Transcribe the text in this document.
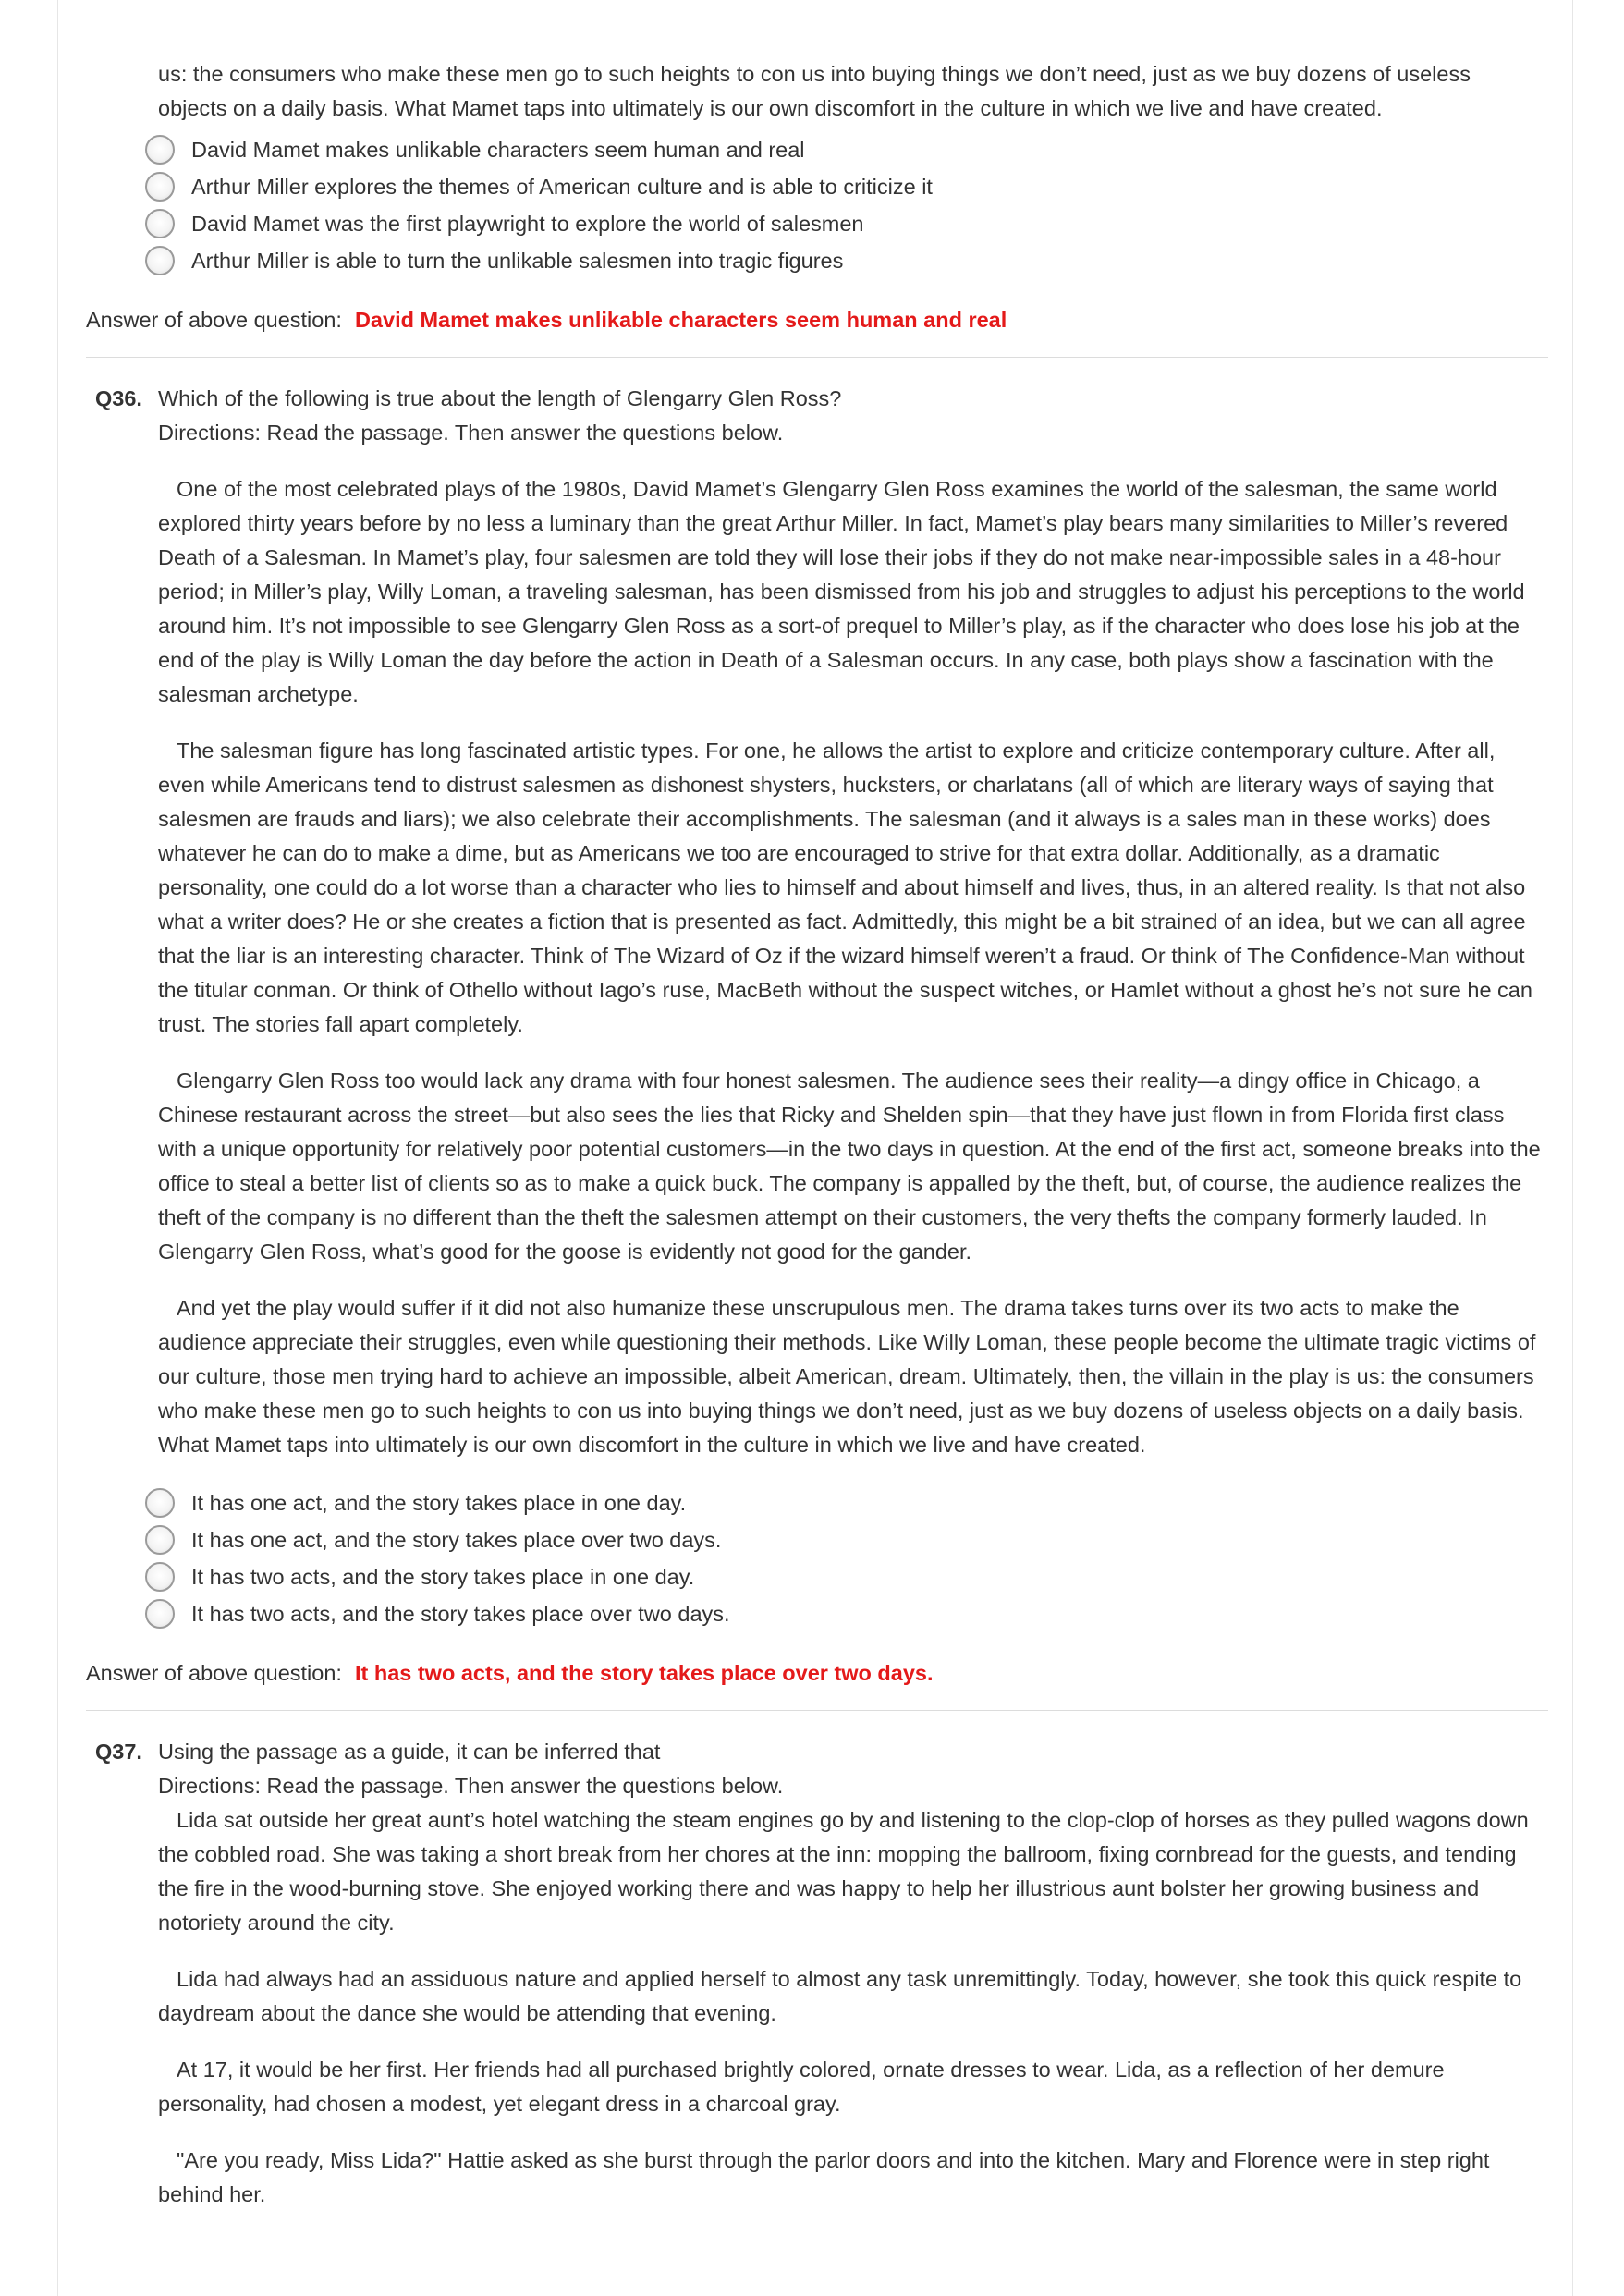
us: the consumers who make these men go to such heights to con us into buying things we don’t need, just as we buy dozens of useless objects on a daily basis. What Mamet taps into ultimately is our own discomfort in the culture in which we live and have created.

David Mamet makes unlikable characters seem human and real
Arthur Miller explores the themes of American culture and is able to criticize it
David Mamet was the first playwright to explore the world of salesmen
Arthur Miller is able to turn the unlikable salesmen into tragic figures
Answer of above question: David Mamet makes unlikable characters seem human and real
Q36. Which of the following is true about the length of Glengarry Glen Ross?
Directions: Read the passage. Then answer the questions below.

One of the most celebrated plays of the 1980s, David Mamet’s Glengarry Glen Ross examines the world of the salesman, the same world explored thirty years before by no less a luminary than the great Arthur Miller. In fact, Mamet’s play bears many similarities to Miller’s revered Death of a Salesman. In Mamet’s play, four salesmen are told they will lose their jobs if they do not make near-impossible sales in a 48-hour period; in Miller’s play, Willy Loman, a traveling salesman, has been dismissed from his job and struggles to adjust his perceptions to the world around him. It’s not impossible to see Glengarry Glen Ross as a sort-of prequel to Miller’s play, as if the character who does lose his job at the end of the play is Willy Loman the day before the action in Death of a Salesman occurs. In any case, both plays show a fascination with the salesman archetype.

The salesman figure has long fascinated artistic types. For one, he allows the artist to explore and criticize contemporary culture. After all, even while Americans tend to distrust salesmen as dishonest shysters, hucksters, or charlatans (all of which are literary ways of saying that salesmen are frauds and liars); we also celebrate their accomplishments. The salesman (and it always is a sales man in these works) does whatever he can do to make a dime, but as Americans we too are encouraged to strive for that extra dollar. Additionally, as a dramatic personality, one could do a lot worse than a character who lies to himself and about himself and lives, thus, in an altered reality. Is that not also what a writer does? He or she creates a fiction that is presented as fact. Admittedly, this might be a bit strained of an idea, but we can all agree that the liar is an interesting character. Think of The Wizard of Oz if the wizard himself weren’t a fraud. Or think of The Confidence-Man without the titular conman. Or think of Othello without Iago’s ruse, MacBeth without the suspect witches, or Hamlet without a ghost he’s not sure he can trust. The stories fall apart completely.

Glengarry Glen Ross too would lack any drama with four honest salesmen. The audience sees their reality—a dingy office in Chicago, a Chinese restaurant across the street—but also sees the lies that Ricky and Shelden spin—that they have just flown in from Florida first class with a unique opportunity for relatively poor potential customers—in the two days in question. At the end of the first act, someone breaks into the office to steal a better list of clients so as to make a quick buck. The company is appalled by the theft, but, of course, the audience realizes the theft of the company is no different than the theft the salesmen attempt on their customers, the very thefts the company formerly lauded. In Glengarry Glen Ross, what’s good for the goose is evidently not good for the gander.

And yet the play would suffer if it did not also humanize these unscrupulous men. The drama takes turns over its two acts to make the audience appreciate their struggles, even while questioning their methods. Like Willy Loman, these people become the ultimate tragic victims of our culture, those men trying hard to achieve an impossible, albeit American, dream. Ultimately, then, the villain in the play is us: the consumers who make these men go to such heights to con us into buying things we don’t need, just as we buy dozens of useless objects on a daily basis. What Mamet taps into ultimately is our own discomfort in the culture in which we live and have created.

It has one act, and the story takes place in one day.
It has one act, and the story takes place over two days.
It has two acts, and the story takes place in one day.
It has two acts, and the story takes place over two days.
Answer of above question: It has two acts, and the story takes place over two days.
Q37. Using the passage as a guide, it can be inferred that
Directions: Read the passage. Then answer the questions below.

Lida sat outside her great aunt’s hotel watching the steam engines go by and listening to the clop-clop of horses as they pulled wagons down the cobbled road. She was taking a short break from her chores at the inn: mopping the ballroom, fixing cornbread for the guests, and tending the fire in the wood-burning stove. She enjoyed working there and was happy to help her illustrious aunt bolster her growing business and notoriety around the city.

Lida had always had an assiduous nature and applied herself to almost any task unremittingly. Today, however, she took this quick respite to daydream about the dance she would be attending that evening.

At 17, it would be her first. Her friends had all purchased brightly colored, ornate dresses to wear. Lida, as a reflection of her demure personality, had chosen a modest, yet elegant dress in a charcoal gray.

"Are you ready, Miss Lida?" Hattie asked as she burst through the parlor doors and into the kitchen. Mary and Florence were in step right behind her.
